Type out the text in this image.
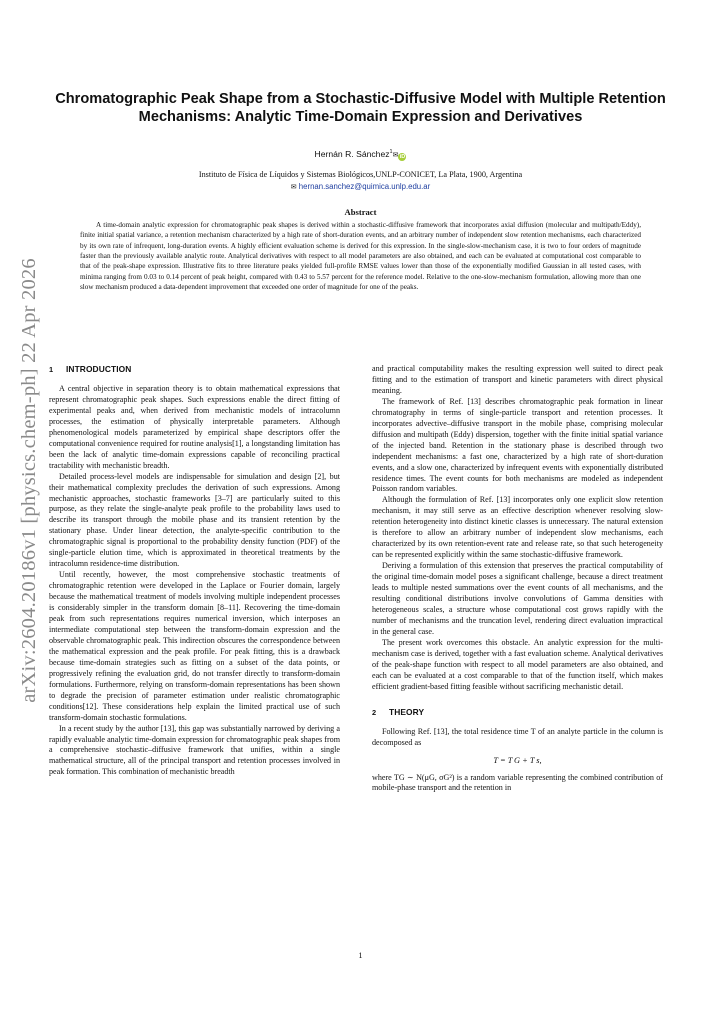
arXiv:2604.20186v1 [physics.chem-ph] 22 Apr 2026
Chromatographic Peak Shape from a Stochastic-Diffusive Model with Multiple Retention Mechanisms: Analytic Time-Domain Expression and Derivatives
Hernán R. Sánchez$^1$✉iD
Instituto de Física de Líquidos y Sistemas Biológicos,UNLP-CONICET, La Plata, 1900, Argentina
✉ hernan.sanchez@quimica.unlp.edu.ar
Abstract

A time-domain analytic expression for chromatographic peak shapes is derived within a stochastic-diffusive framework that incorporates axial diffusion (molecular and multipath/Eddy), finite initial spatial variance, a retention mechanism characterized by a high rate of short-duration events, and an arbitrary number of independent slow retention mechanisms, each characterized by its own rate of infrequent, long-duration events. A highly efficient evaluation scheme is derived for this expression. In the single-slow-mechanism case, it is two to four orders of magnitude faster than the previously available analytic route. Analytical derivatives with respect to all model parameters are also obtained, and each can be evaluated at computational cost comparable to that of the peak-shape expression. Illustrative fits to three literature peaks yielded full-profile RMSE values lower than those of the exponentially modified Gaussian in all tested cases, with minima ranging from 0.03 to 0.14 percent of peak height, compared with 0.43 to 5.57 percent for the reference model. Relative to the one-slow-mechanism formulation, allowing more than one slow mechanism produced a data-dependent improvement that exceeded one order of magnitude for one of the peaks.

1 INTRODUCTION

A central objective in separation theory is to obtain mathematical expressions that represent chromatographic peak shapes. Such expressions enable the direct fitting of experimental peaks and, when derived from mechanistic models of intracolumn processes, the estimation of physically interpretable parameters. Although phenomenological models parameterized by empirical shape descriptors offer the computational convenience required for routine analysis[1], a longstanding limitation has been the lack of analytic time-domain expressions capable of reconciling practical tractability with mechanistic breadth.

Detailed process-level models are indispensable for simulation and design [2], but their mathematical complexity precludes the derivation of such expressions. Among mechanistic approaches, stochastic frameworks [3–7] are particularly suited to this purpose, as they relate the single-analyte peak profile to the probability laws used to describe its transport through the mobile phase and its transient retention by the stationary phase. Under linear detection, the analyte-specific contribution to the chromatographic signal is proportional to the probability density function (PDF) of the single-particle elution time, which is approximated in theoretical treatments by the intracolumn residence-time distribution.

Until recently, however, the most comprehensive stochastic treatments of chromatographic retention were developed in the Laplace or Fourier domain, largely because the mathematical treatment of models involving multiple independent processes is considerably simpler in the transform domain [8–11]. Recovering the time-domain peak from such representations requires numerical inversion, which interposes an intermediate computational step between the transform-domain expression and the observable chromatographic peak. This indirection obscures the correspondence between the mathematical expression and the peak profile. For peak fitting, this is a drawback because time-domain strategies such as fitting on a subset of the data points, or progressively refining the evaluation grid, do not transfer directly to transform-domain formulations. Furthermore, relying on transform-domain representations has been shown to degrade the precision of parameter estimation under realistic chromatographic conditions[12]. These considerations help explain the limited practical use of such transform-domain stochastic formulations.

In a recent study by the author [13], this gap was substantially narrowed by deriving a rapidly evaluable analytic time-domain expression for chromatographic peak shapes from a comprehensive stochastic–diffusive framework that unifies, within a single mathematical structure, all of the principal transport and retention processes involved in peak formation. This combination of mechanistic breadth

and practical computability makes the resulting expression well suited to direct peak fitting and to the estimation of transport and kinetic parameters with direct physical meaning.

The framework of Ref. [13] describes chromatographic peak formation in linear chromatography in terms of single-particle transport and retention processes. It incorporates advective–diffusive transport in the mobile phase, comprising molecular diffusion and multipath (Eddy) dispersion, together with the finite initial spatial variance of the injected band. Retention in the stationary phase is described through two independent mechanisms: a fast one, characterized by a high rate of short-duration events, and a slow one, characterized by infrequent events with exponentially distributed residence times. The event counts for both mechanisms are modeled as independent Poisson random variables.

Although the formulation of Ref. [13] incorporates only one explicit slow retention mechanism, it may still serve as an effective description whenever resolving slow-retention heterogeneity into distinct kinetic classes is unnecessary. The natural extension is therefore to allow an arbitrary number of independent slow mechanisms, each characterized by its own retention-event rate and release rate, so that such heterogeneity can be represented explicitly within the same stochastic-diffusive framework.

Deriving a formulation of this extension that preserves the practical computability of the original time-domain model poses a significant challenge, because a direct treatment leads to multiple nested summations over the event counts of all mechanisms, and the resulting conditional distributions involve convolutions of Gamma densities with heterogeneous scales, a structure whose computational cost grows rapidly with the number of mechanisms and the truncation level, rendering direct evaluation impractical in the general case.

The present work overcomes this obstacle. An analytic expression for the multi-mechanism case is derived, together with a fast evaluation scheme. Analytical derivatives of the peak-shape function with respect to all model parameters are also obtained, and each can be evaluated at a cost comparable to that of the function itself, which makes efficient gradient-based fitting feasible without sacrificing mechanistic detail.

2 THEORY

Following Ref. [13], the total residence time T of an analyte particle in the column is decomposed as

T = T G + T s,

where TG ∼ N(μG, σG²) is a random variable representing the combined contribution of mobile-phase transport and the retention in

1
